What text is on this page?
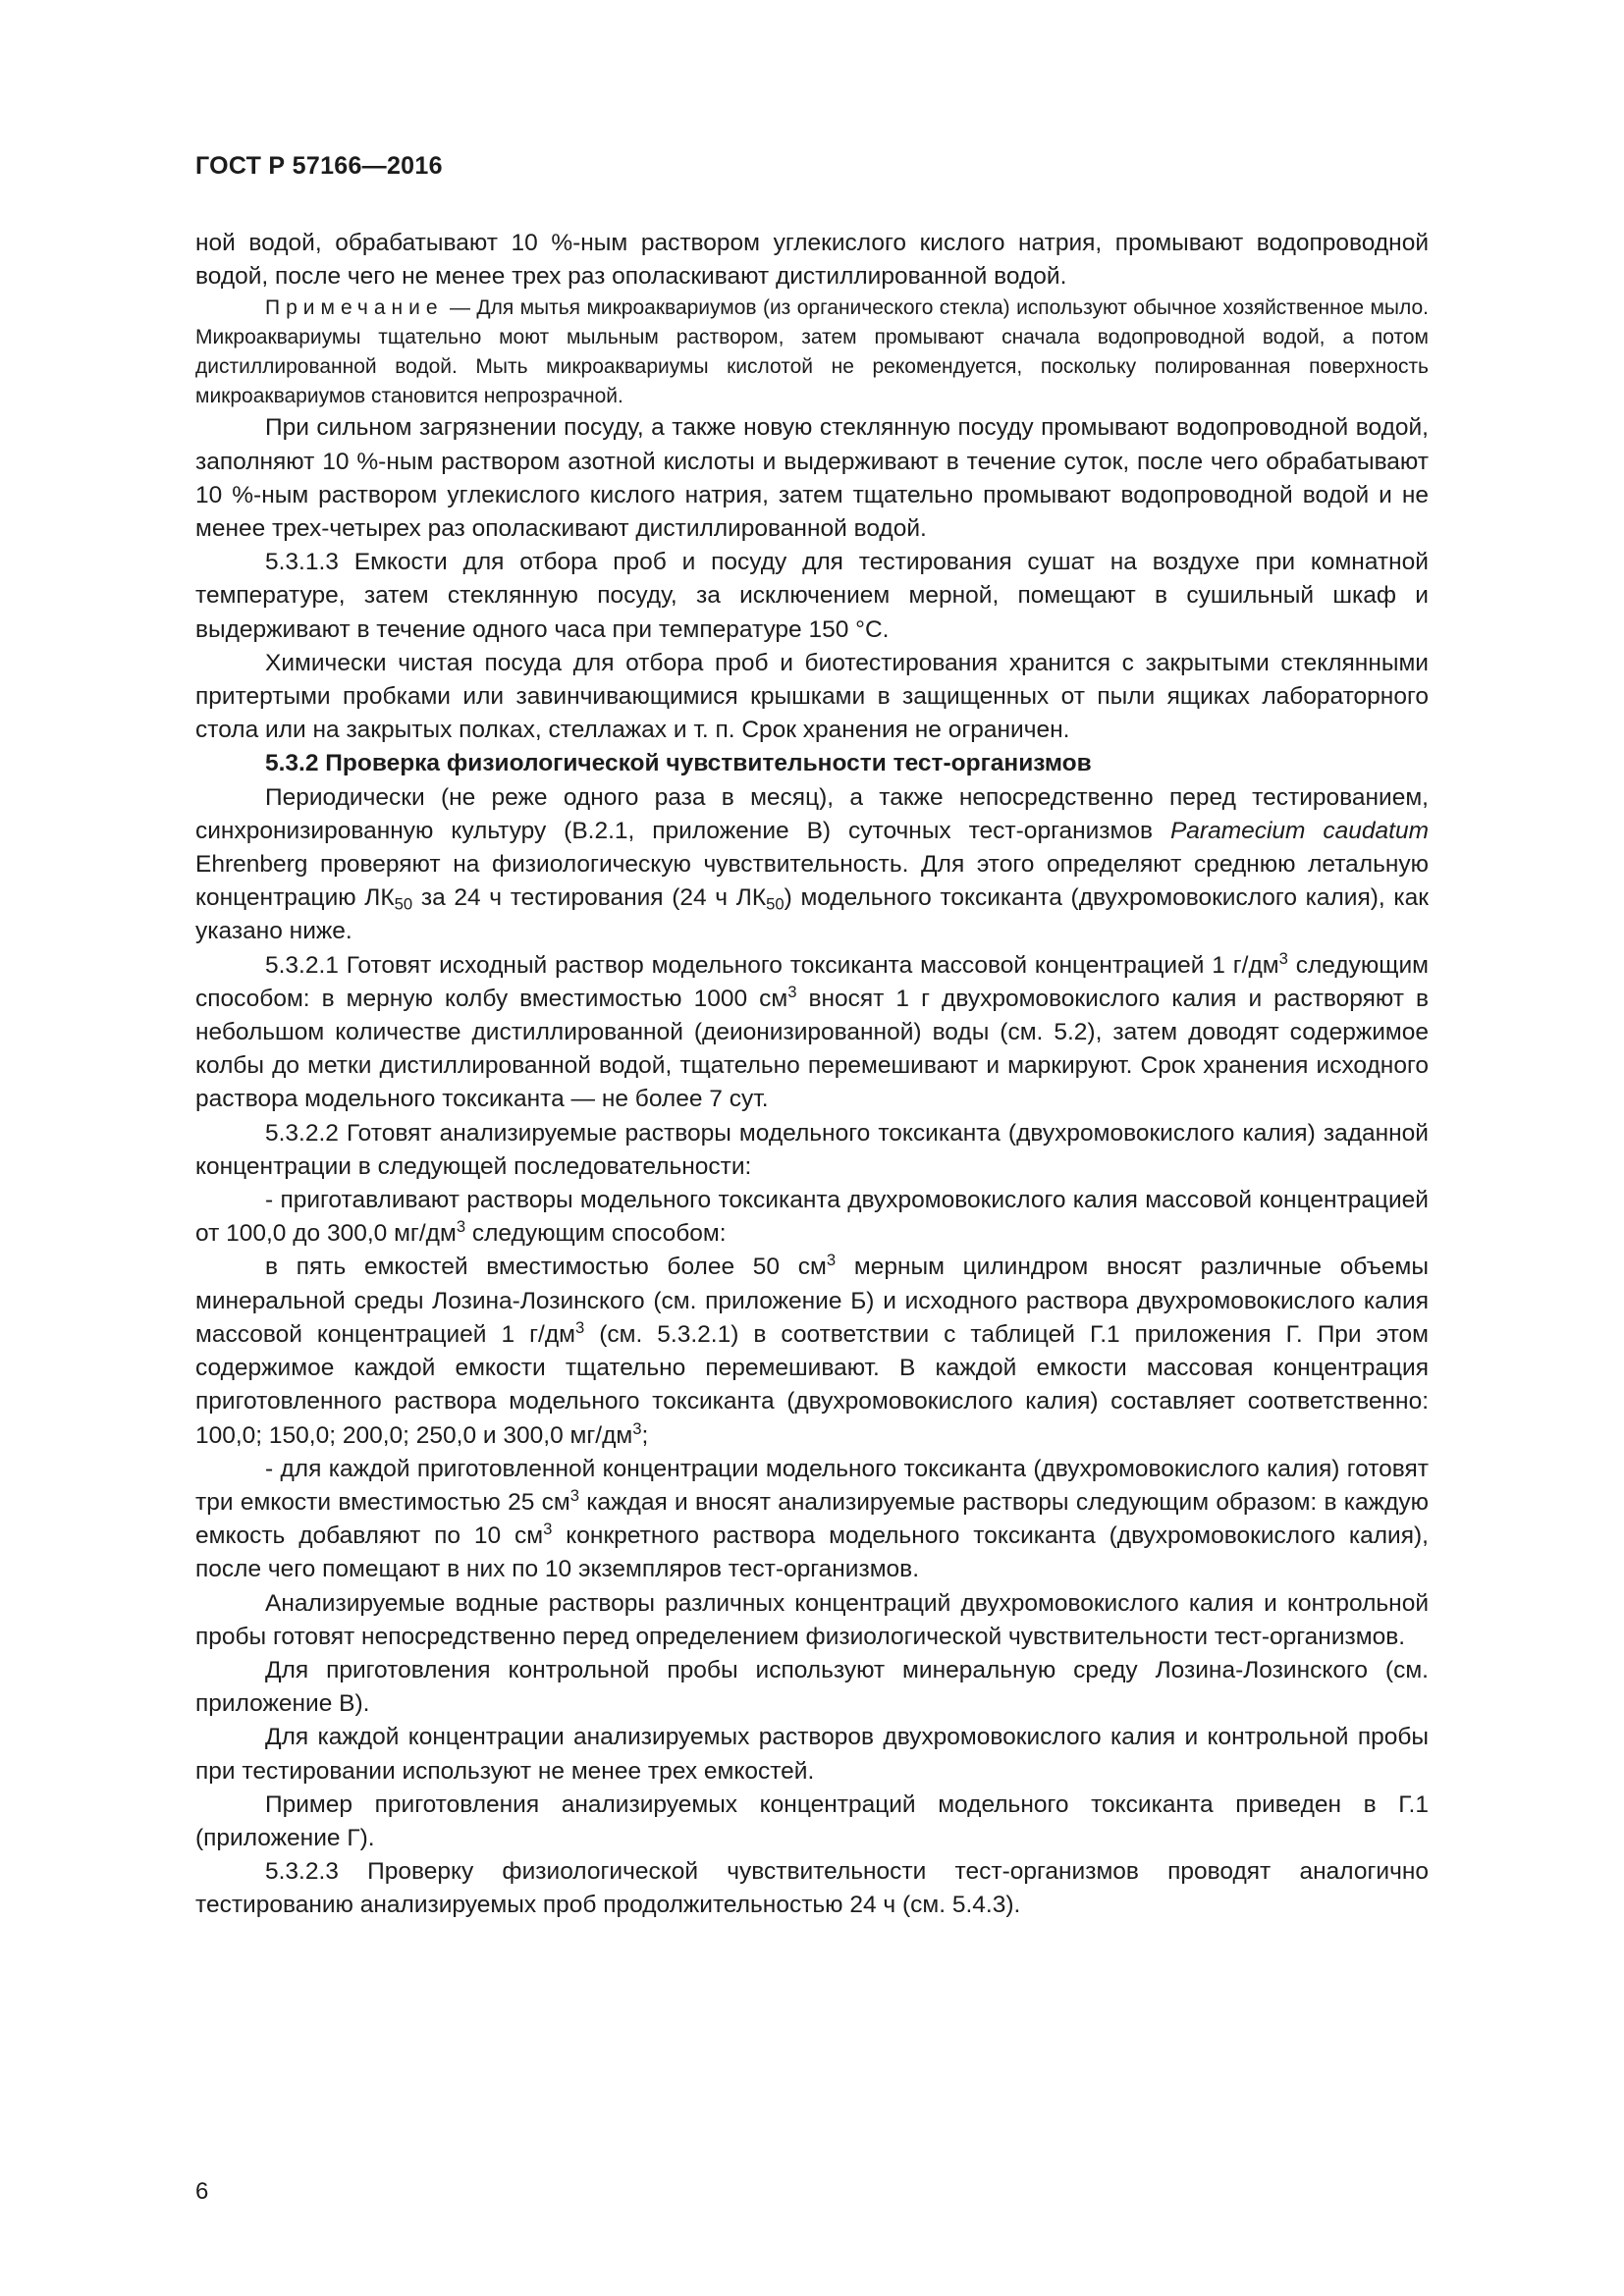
ГОСТ Р 57166—2016

ной водой, обрабатывают 10 %-ным раствором углекислого кислого натрия, промывают водопроводной водой, после чего не менее трех раз ополаскивают дистиллированной водой.

Примечание — Для мытья микроаквариумов (из органического стекла) используют обычное хозяйственное мыло. Микроаквариумы тщательно моют мыльным раствором, затем промывают сначала водопроводной водой, а потом дистиллированной водой. Мыть микроаквариумы кислотой не рекомендуется, поскольку полированная поверхность микроаквариумов становится непрозрачной.

При сильном загрязнении посуду, а также новую стеклянную посуду промывают водопроводной водой, заполняют 10 %-ным раствором азотной кислоты и выдерживают в течение суток, после чего обрабатывают 10 %-ным раствором углекислого кислого натрия, затем тщательно промывают водопроводной водой и не менее трех-четырех раз ополаскивают дистиллированной водой.

5.3.1.3 Емкости для отбора проб и посуду для тестирования сушат на воздухе при комнатной температуре, затем стеклянную посуду, за исключением мерной, помещают в сушильный шкаф и выдерживают в течение одного часа при температуре 150 °С.

Химически чистая посуда для отбора проб и биотестирования хранится с закрытыми стеклянными притертыми пробками или завинчивающимися крышками в защищенных от пыли ящиках лабораторного стола или на закрытых полках, стеллажах и т. п. Срок хранения не ограничен.

5.3.2 Проверка физиологической чувствительности тест-организмов

Периодически (не реже одного раза в месяц), а также непосредственно перед тестированием, синхронизированную культуру (В.2.1, приложение В) суточных тест-организмов Paramecium caudatum Ehrenberg проверяют на физиологическую чувствительность. Для этого определяют среднюю летальную концентрацию $ЛК_{50}$ за 24 ч тестирования (24 ч $ЛК_{50}$) модельного токсиканта (двухромовокислого калия), как указано ниже.

5.3.2.1 Готовят исходный раствор модельного токсиканта массовой концентрацией 1 $г/дм^3$ следующим способом: в мерную колбу вместимостью 1000 $см^3$ вносят 1 г двухромовокислого калия и растворяют в небольшом количестве дистиллированной (деионизированной) воды (см. 5.2), затем доводят содержимое колбы до метки дистиллированной водой, тщательно перемешивают и маркируют. Срок хранения исходного раствора модельного токсиканта — не более 7 сут.

5.3.2.2 Готовят анализируемые растворы модельного токсиканта (двухромовокислого калия) заданной концентрации в следующей последовательности:

- приготавливают растворы модельного токсиканта двухромовокислого калия массовой концентрацией от 100,0 до 300,0 $мг/дм^3$ следующим способом:

в пять емкостей вместимостью более 50 $см^3$ мерным цилиндром вносят различные объемы минеральной среды Лозина-Лозинского (см. приложение Б) и исходного раствора двухромовокислого калия массовой концентрацией 1 $г/дм^3$ (см. 5.3.2.1) в соответствии с таблицей Г.1 приложения Г. При этом содержимое каждой емкости тщательно перемешивают. В каждой емкости массовая концентрация приготовленного раствора модельного токсиканта (двухромовокислого калия) составляет соответственно: 100,0; 150,0; 200,0; 250,0 и 300,0 $мг/дм^3$;

- для каждой приготовленной концентрации модельного токсиканта (двухромовокислого калия) готовят три емкости вместимостью 25 $см^3$ каждая и вносят анализируемые растворы следующим образом: в каждую емкость добавляют по 10 $см^3$ конкретного раствора модельного токсиканта (двухромовокислого калия), после чего помещают в них по 10 экземпляров тест-организмов.

Анализируемые водные растворы различных концентраций двухромовокислого калия и контрольной пробы готовят непосредственно перед определением физиологической чувствительности тест-организмов.

Для приготовления контрольной пробы используют минеральную среду Лозина-Лозинского (см. приложение В).

Для каждой концентрации анализируемых растворов двухромовокислого калия и контрольной пробы при тестировании используют не менее трех емкостей.

Пример приготовления анализируемых концентраций модельного токсиканта приведен в Г.1 (приложение Г).

5.3.2.3 Проверку физиологической чувствительности тест-организмов проводят аналогично тестированию анализируемых проб продолжительностью 24 ч (см. 5.4.3).

6
